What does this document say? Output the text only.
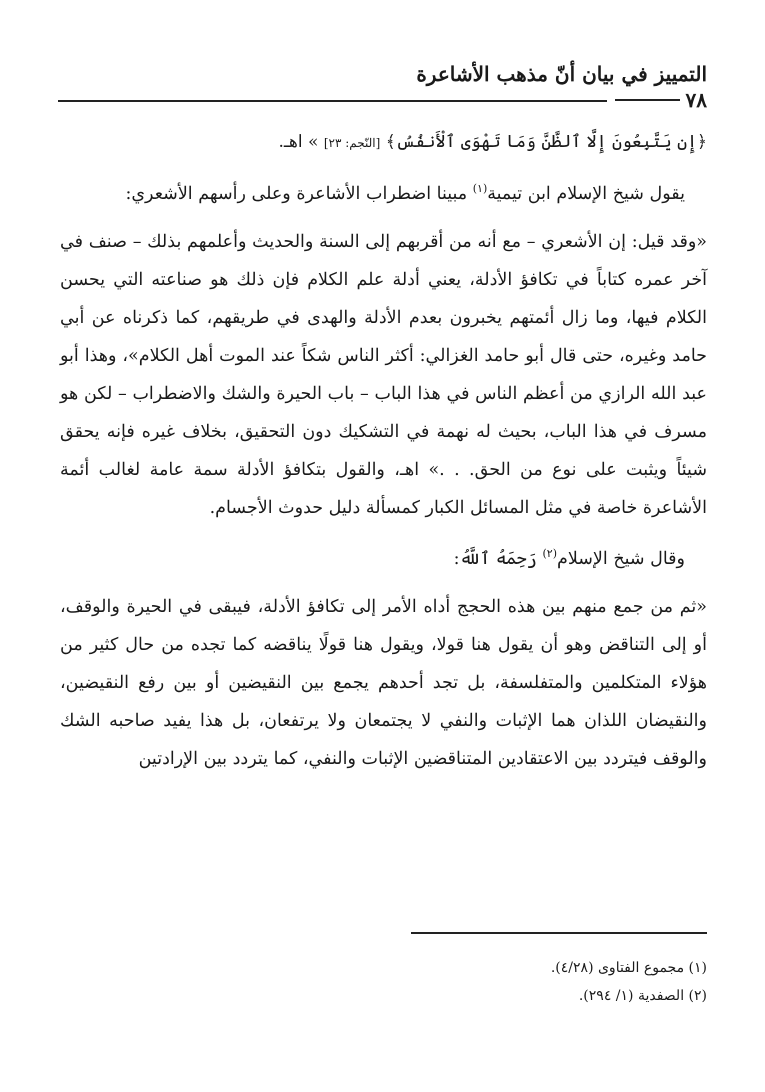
التمييز في بيان أنّ مذهب الأشاعرة
٧٨

﴿إِن يَتَّبِعُونَ إِلَّا ٱلظَّنَّ وَمَا تَهْوَى ٱلْأَنفُسُ﴾ [النّجم: ٢٣] » اهـ.

يقول شيخ الإسلام ابن تيمية$^{(١)}$ مبينا اضطراب الأشاعرة وعلى رأسهم الأشعري:

«وقد قيل: إن الأشعري – مع أنه من أقربهم إلى السنة والحديث وأعلمهم بذلك – صنف في آخر عمره كتاباً في تكافؤ الأدلة، يعني أدلة علم الكلام فإن ذلك هو صناعته التي يحسن الكلام فيها، وما زال أئمتهم يخبرون بعدم الأدلة والهدى في طريقهم، كما ذكرناه عن أبي حامد وغيره، حتى قال أبو حامد الغزالي: أكثر الناس شكاً عند الموت أهل الكلام»، وهذا أبو عبد الله الرازي من أعظم الناس في هذا الباب – باب الحيرة والشك والاضطراب – لكن هو مسرف في هذا الباب، بحيث له نهمة في التشكيك دون التحقيق، بخلاف غيره فإنه يحقق شيئاً ويثبت على نوع من الحق. . .» اهـ، والقول بتكافؤ الأدلة سمة عامة لغالب أئمة الأشاعرة خاصة في مثل المسائل الكبار كمسألة دليل حدوث الأجسام.

وقال شيخ الإسلام$^{(٢)}$ رَحِمَهُ ٱللَّهُ:

«ثم من جمع منهم بين هذه الحجج أداه الأمر إلى تكافؤ الأدلة، فيبقى في الحيرة والوقف، أو إلى التناقض وهو أن يقول هنا قولا، ويقول هنا قولًا يناقضه كما تجده من حال كثير من هؤلاء المتكلمين والمتفلسفة، بل تجد أحدهم يجمع بين النقيضين أو بين رفع النقيضين، والنقيضان اللذان هما الإثبات والنفي لا يجتمعان ولا يرتفعان، بل هذا يفيد صاحبه الشك والوقف فيتردد بين الاعتقادين المتناقضين الإثبات والنفي، كما يتردد بين الإرادتين

(١) مجموع الفتاوى (٤/٢٨).

(٢) الصفدية (١/ ٢٩٤).
